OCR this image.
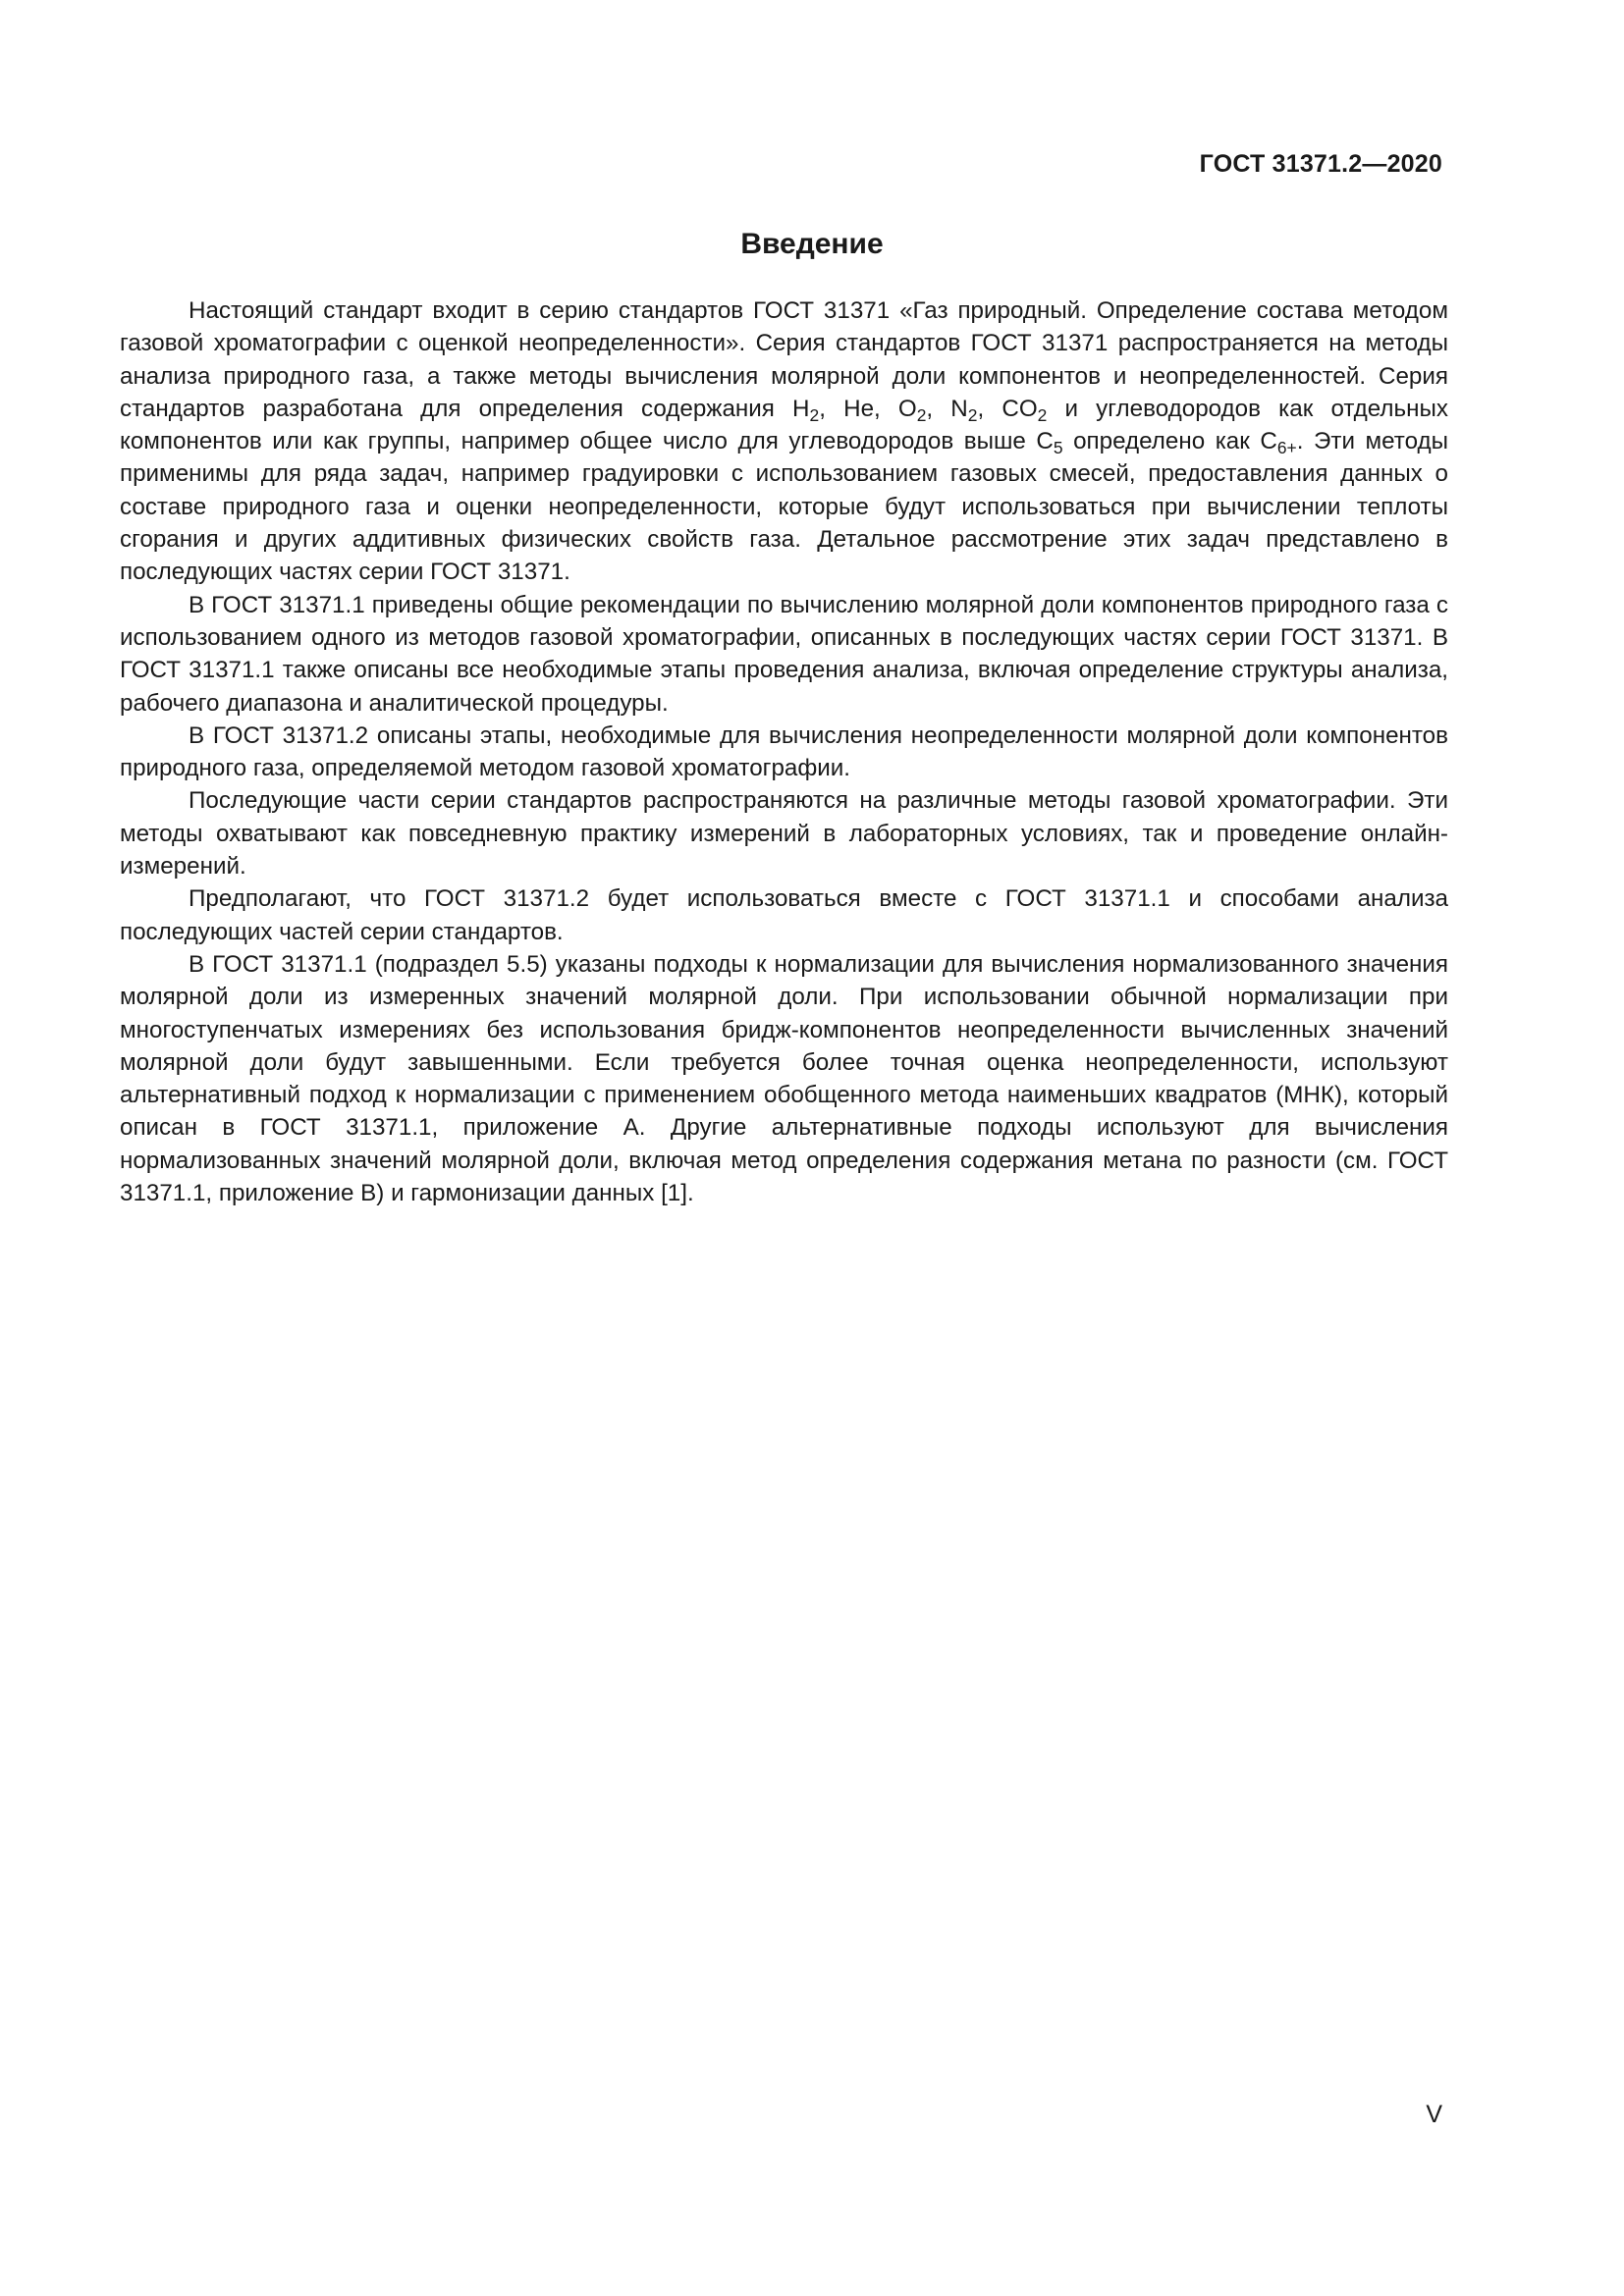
ГОСТ 31371.2—2020
Введение

Настоящий стандарт входит в серию стандартов ГОСТ 31371 «Газ природный. Определение состава методом газовой хроматографии с оценкой неопределенности». Серия стандартов ГОСТ 31371 распространяется на методы анализа природного газа, а также методы вычисления молярной доли компонентов и неопределенностей. Серия стандартов разработана для определения содержания $H_2$, He, $O_2$, $N_2$, $CO_2$ и углеводородов как отдельных компонентов или как группы, например общее число для углеводородов выше $C_5$ определено как $C_{6+}$. Эти методы применимы для ряда задач, например градуировки с использованием газовых смесей, предоставления данных о составе природного газа и оценки неопределенности, которые будут использоваться при вычислении теплоты сгорания и других аддитивных физических свойств газа. Детальное рассмотрение этих задач представлено в последующих частях серии ГОСТ 31371.

В ГОСТ 31371.1 приведены общие рекомендации по вычислению молярной доли компонентов природного газа с использованием одного из методов газовой хроматографии, описанных в последующих частях серии ГОСТ 31371. В ГОСТ 31371.1 также описаны все необходимые этапы проведения анализа, включая определение структуры анализа, рабочего диапазона и аналитической процедуры.

В ГОСТ 31371.2 описаны этапы, необходимые для вычисления неопределенности молярной доли компонентов природного газа, определяемой методом газовой хроматографии.

Последующие части серии стандартов распространяются на различные методы газовой хроматографии. Эти методы охватывают как повседневную практику измерений в лабораторных условиях, так и проведение онлайн-измерений.

Предполагают, что ГОСТ 31371.2 будет использоваться вместе с ГОСТ 31371.1 и способами анализа последующих частей серии стандартов.

В ГОСТ 31371.1 (подраздел 5.5) указаны подходы к нормализации для вычисления нормализованного значения молярной доли из измеренных значений молярной доли. При использовании обычной нормализации при многоступенчатых измерениях без использования бридж-компонентов неопределенности вычисленных значений молярной доли будут завышенными. Если требуется более точная оценка неопределенности, используют альтернативный подход к нормализации с применением обобщенного метода наименьших квадратов (МНК), который описан в ГОСТ 31371.1, приложение А. Другие альтернативные подходы используют для вычисления нормализованных значений молярной доли, включая метод определения содержания метана по разности (см. ГОСТ 31371.1, приложение В) и гармонизации данных [1].

V
